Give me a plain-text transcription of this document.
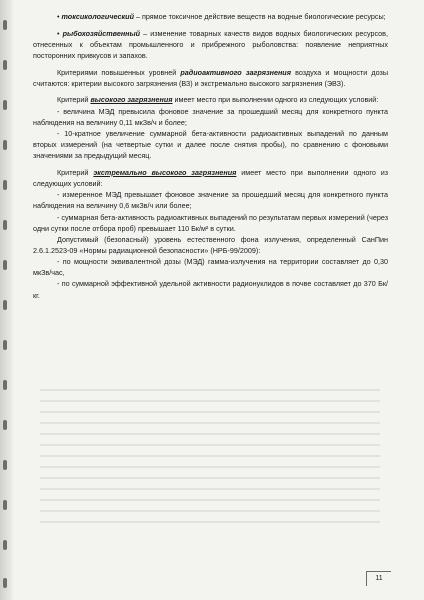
• токсикологический – прямое токсичное действие веществ на водные биологические ресурсы;

• рыбохозяйственный – изменение товарных качеств видов водных биологических ресурсов, отнесенных к объектам промышленного и прибрежного рыболовства: появление неприятных посторонних привкусов и запахов.

Критериями повышенных уровней радиоактивного загрязнения воздуха и мощности дозы считаются: критерии высокого загрязнения (ВЗ) и экстремально высокого загрязнения (ЭВЗ).

Критерий высокого загрязнения имеет место при выполнении одного из следующих условий:

- величина МЭД превысила фоновое значение за прошедший месяц для конкретного пункта наблюдения на величину 0,11 мкЗв/ч и более;

- 10-кратное увеличение суммарной бета-активности радиоактивных выпадений по данным вторых измерений (на четвертые сутки и далее после снятия пробы), по сравнению с фоновыми значениями за предыдущий месяц.

Критерий экстремально высокого загрязнения имеет место при выполнении одного из следующих условий:

- измеренное МЭД превышает фоновое значение за прошедший месяц для конкретного пункта наблюдения на величину 0,6 мкЗв/ч или более;

- суммарная бета-активность радиоактивных выпадений по результатам первых измерений (через одни сутки после отбора проб) превышает 110 Бк/м² в сутки.

Допустимый (безопасный) уровень естественного фона излучения, определенный СанПин 2.6.1.2523-09 «Нормы радиационной безопасности» (НРБ-99/2009):

- по мощности эквивалентной дозы (МЭД) гамма-излучения на территории составляет до 0,30 мкЗв/час,

- по суммарной эффективной удельной активности радионуклидов в почве составляет до 370 Бк/кг.

11
